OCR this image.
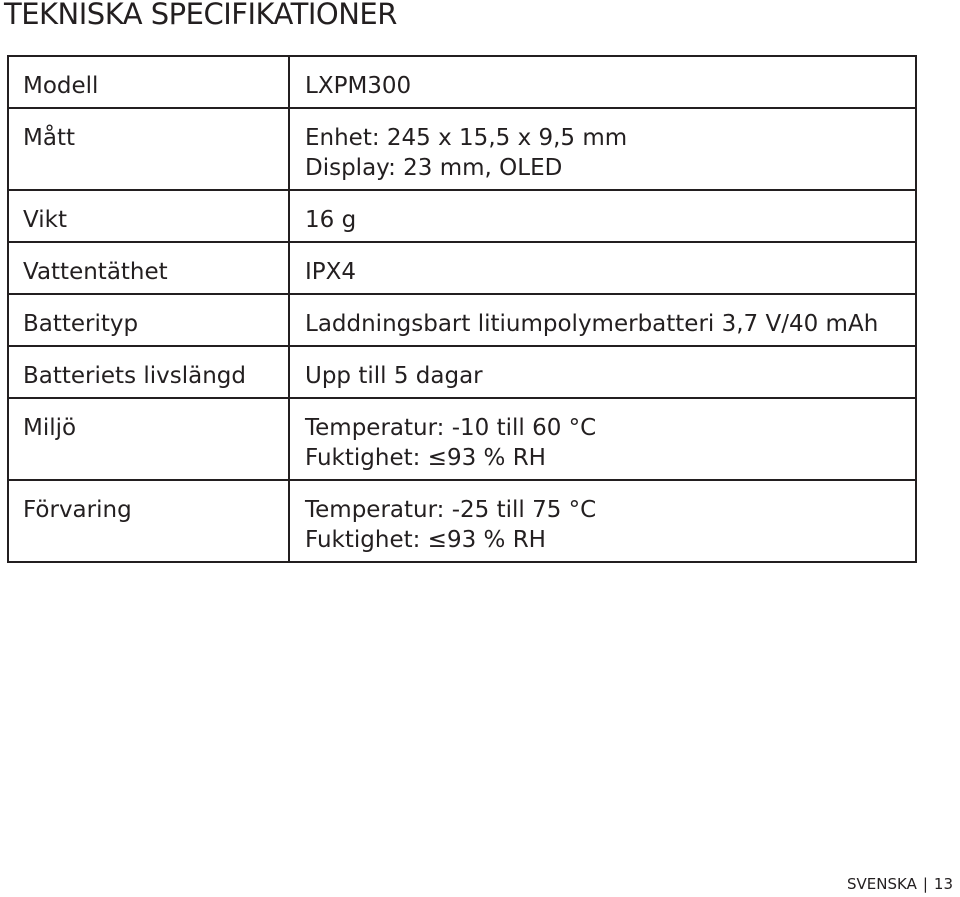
TEKNISKA SPECIFIKATIONER
Modell	LXPM300

Mått	Enhet: 245 x 15,5 x 9,5 mm
Display: 23 mm, OLED

Vikt	16 g

Vattentäthet	IPX4

Batterityp	Laddningsbart litiumpolymerbatteri 3,7 V/40 mAh

Batteriets livslängd	Upp till 5 dagar

Miljö	Temperatur: -10 till 60 °C
Fuktighet: ≤93 % RH

Förvaring	Temperatur: -25 till 75 °C
Fuktighet: ≤93 % RH
SVENSKA | 13
